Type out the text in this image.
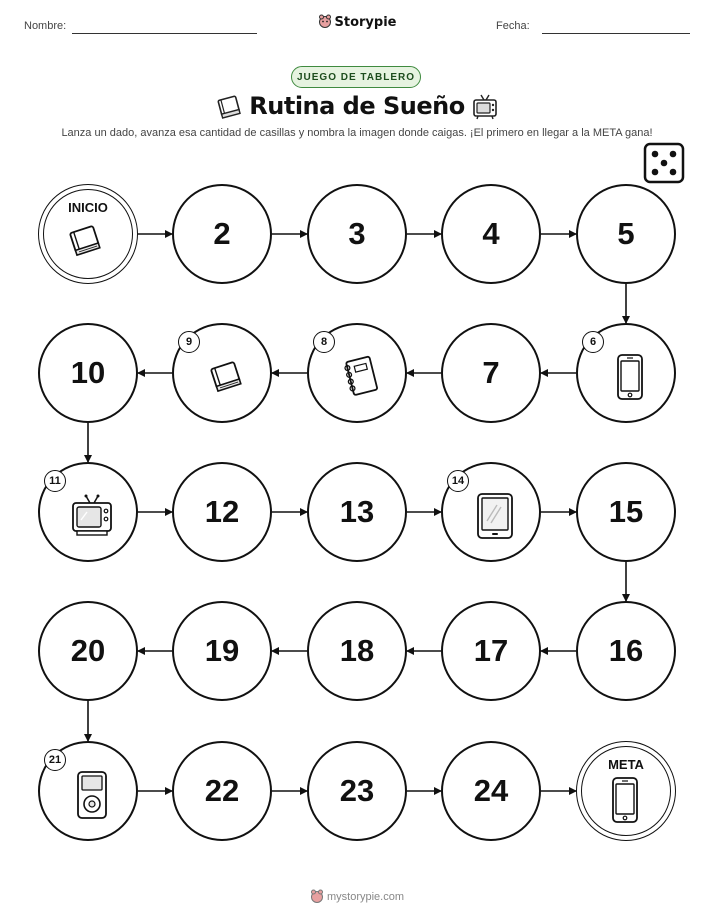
Nombre:	Storypie	Fecha:
JUEGO DE TABLERO
Rutina de Sueño
Lanza un dado, avanza esa cantidad de casillas y nombra la imagen donde caigas. ¡El primero en llegar a la META gana!
INICIO
2	3	4	5
6
7
8
9
10
11
12	13
14
15
16
17
18
19
20
21
22	23	24
META
mystorypie.com
